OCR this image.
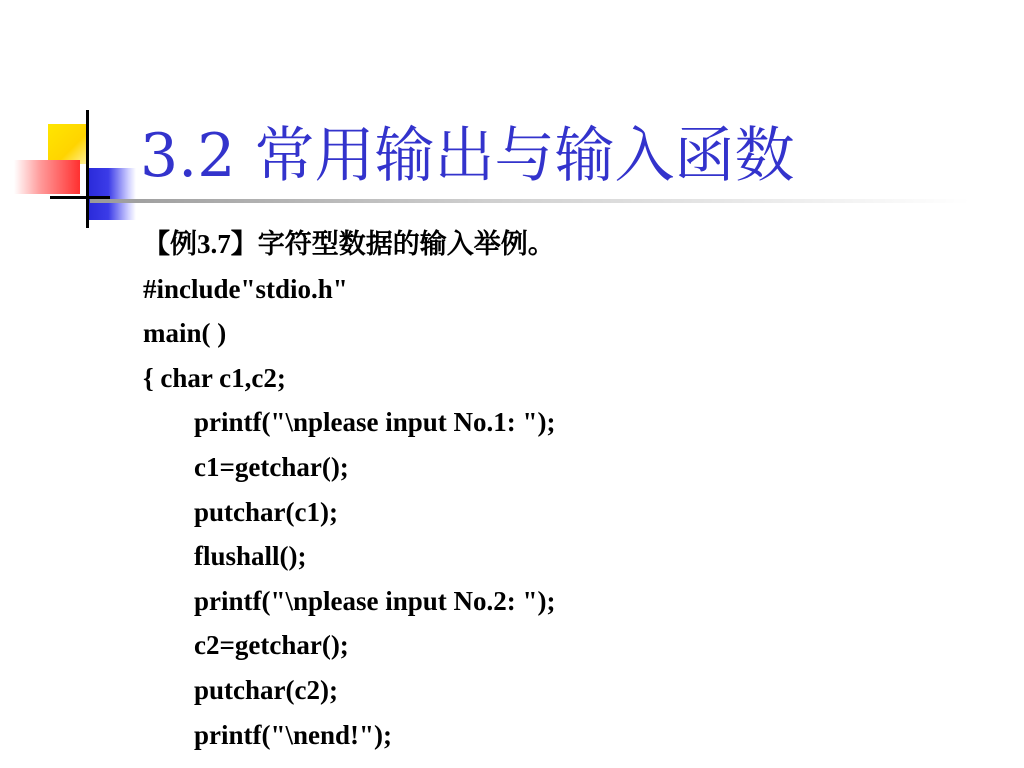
3.2 常用输出与输入函数
【例3.7】字符型数据的输入举例。
#include"stdio.h"
main( )
{ char c1,c2;
printf("\nplease input No.1: ");
c1=getchar();
putchar(c1);
flushall();
printf("\nplease input No.2: ");
c2=getchar();
putchar(c2);
printf("\nend!");
